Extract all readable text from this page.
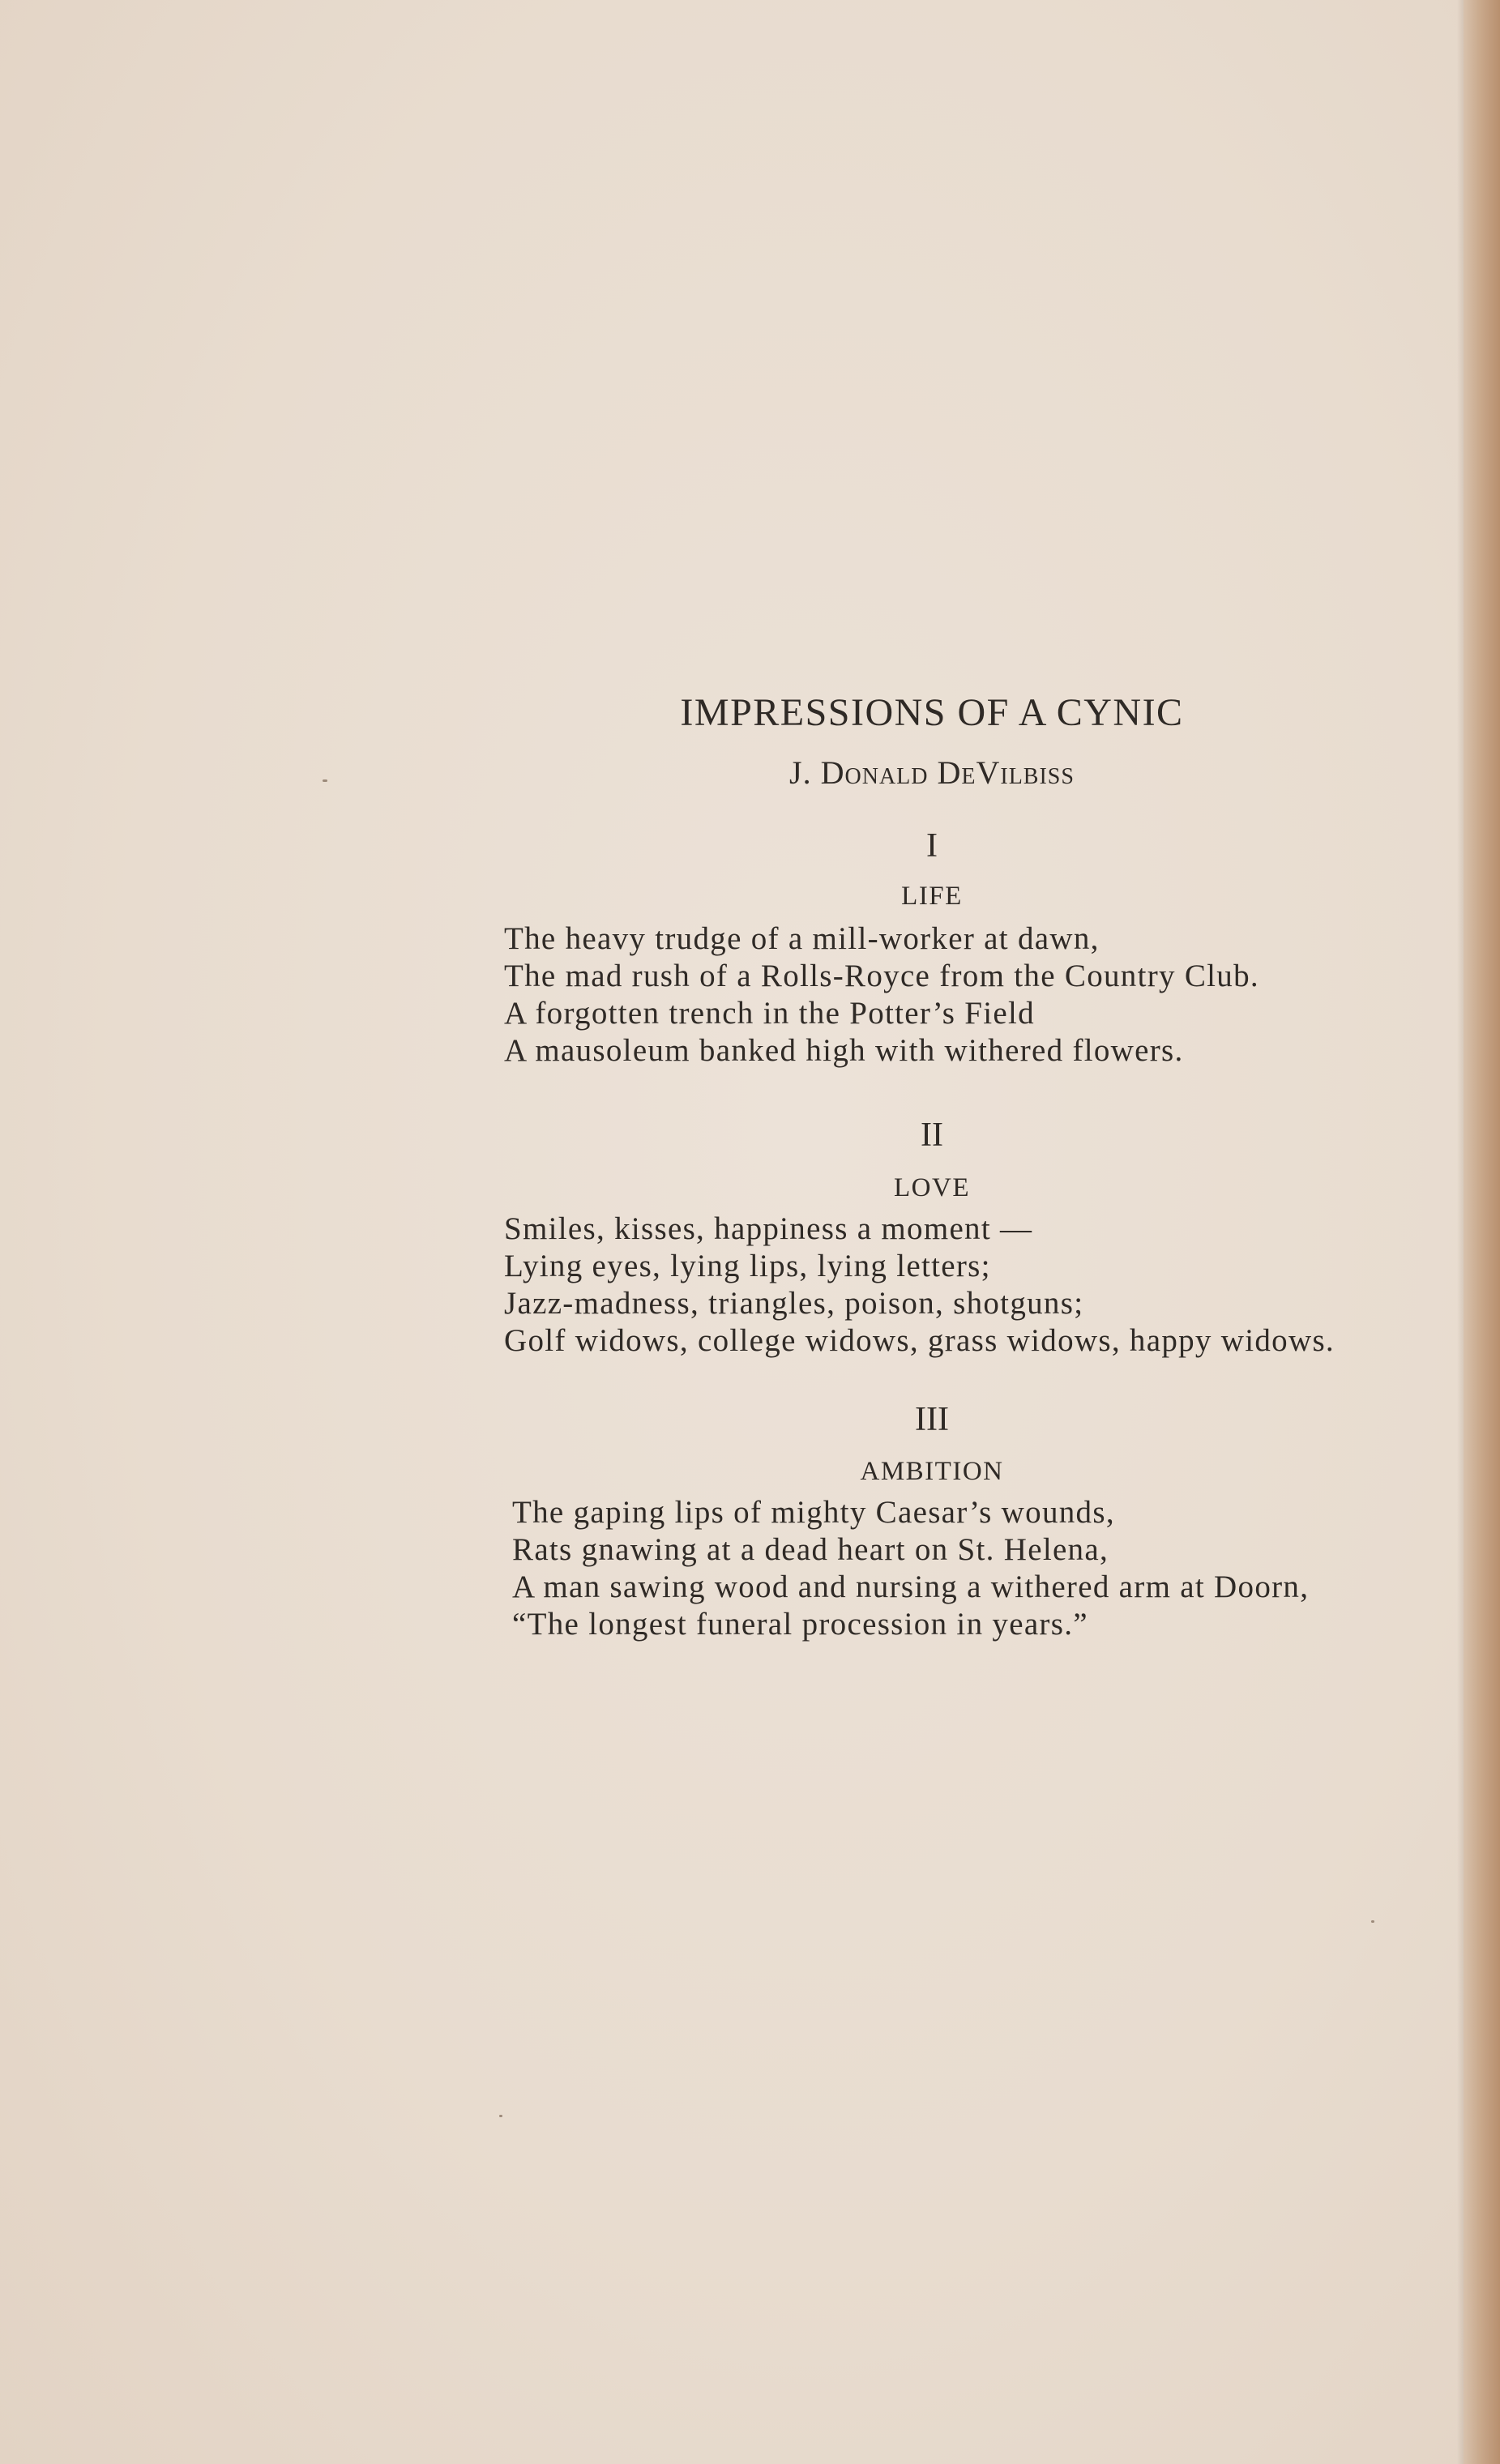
IMPRESSIONS OF A CYNIC
J. Donald DeVilbiss
I
LIFE
The heavy trudge of a mill-worker at dawn,
The mad rush of a Rolls-Royce from the Country Club.
A forgotten trench in the Potter’s Field
A mausoleum banked high with withered flowers.
II
LOVE
Smiles, kisses, happiness a moment —
Lying eyes, lying lips, lying letters;
Jazz-madness, triangles, poison, shotguns;
Golf widows, college widows, grass widows, happy widows.
III
AMBITION
The gaping lips of mighty Caesar’s wounds,
Rats gnawing at a dead heart on St. Helena,
A man sawing wood and nursing a withered arm at Doorn,
“The longest funeral procession in years.”
